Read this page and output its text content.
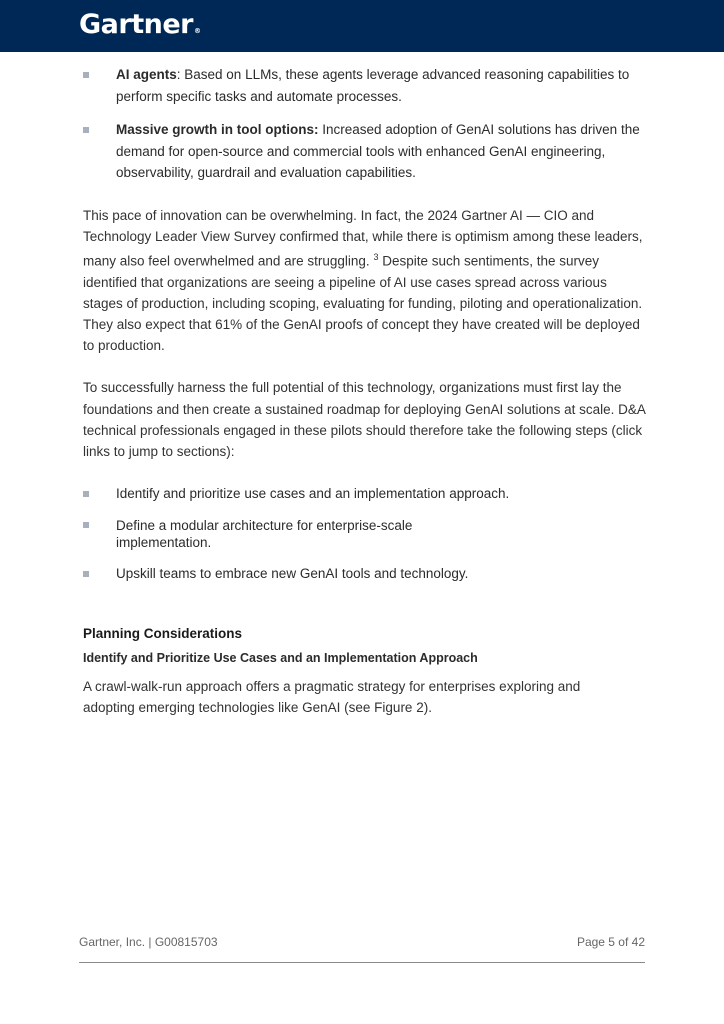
Gartner®
AI agents: Based on LLMs, these agents leverage advanced reasoning capabilities to perform specific tasks and automate processes.
Massive growth in tool options: Increased adoption of GenAI solutions has driven the demand for open-source and commercial tools with enhanced GenAI engineering, observability, guardrail and evaluation capabilities.

This pace of innovation can be overwhelming. In fact, the 2024 Gartner AI — CIO and Technology Leader View Survey confirmed that, while there is optimism among these leaders, many also feel overwhelmed and are struggling. $^3$ Despite such sentiments, the survey identified that organizations are seeing a pipeline of AI use cases spread across various stages of production, including scoping, evaluating for funding, piloting and operationalization. They also expect that 61% of the GenAI proofs of concept they have created will be deployed to production.

To successfully harness the full potential of this technology, organizations must first lay the foundations and then create a sustained roadmap for deploying GenAI solutions at scale. D&A technical professionals engaged in these pilots should therefore take the following steps (click links to jump to sections):

Identify and prioritize use cases and an implementation approach.
Define a modular architecture for enterprise-scale implementation.
Upskill teams to embrace new GenAI tools and technology.

Planning Considerations

Identify and Prioritize Use Cases and an Implementation Approach

A crawl-walk-run approach offers a pragmatic strategy for enterprises exploring and adopting emerging technologies like GenAI (see Figure 2).

Gartner, Inc. | G00815703	Page 5 of 42
